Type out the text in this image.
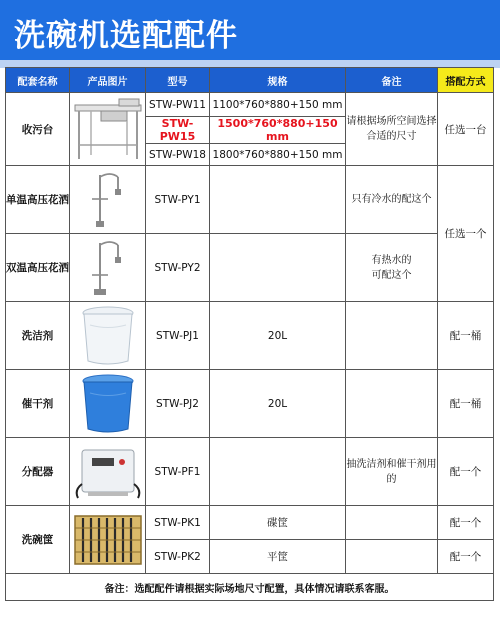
洗碗机选配配件
配套名称	产品图片	型号	规格	备注	搭配方式
收污台		STW-PW11	1100*760*880+150 mm	请根据场所空间选择合适的尺寸	任选一台
		STW-PW15	1500*760*880+150 mm		
		STW-PW18	1800*760*880+150 mm		
单温高压花洒		STW-PY1		只有冷水的配这个	任选一个
双温高压花洒		STW-PY2		有热水的
可配这个	

洗洁剂		STW-PJ1	20L		配一桶
催干剂		STW-PJ2	20L		配一桶
分配器		STW-PF1		抽洗洁剂和催干剂用的	配一个
洗碗筐		STW-PK1	碟筐		配一个
		STW-PK2	平筐		配一个
备注：选配配件请根据实际场地尺寸配置，具体情况请联系客服。					
